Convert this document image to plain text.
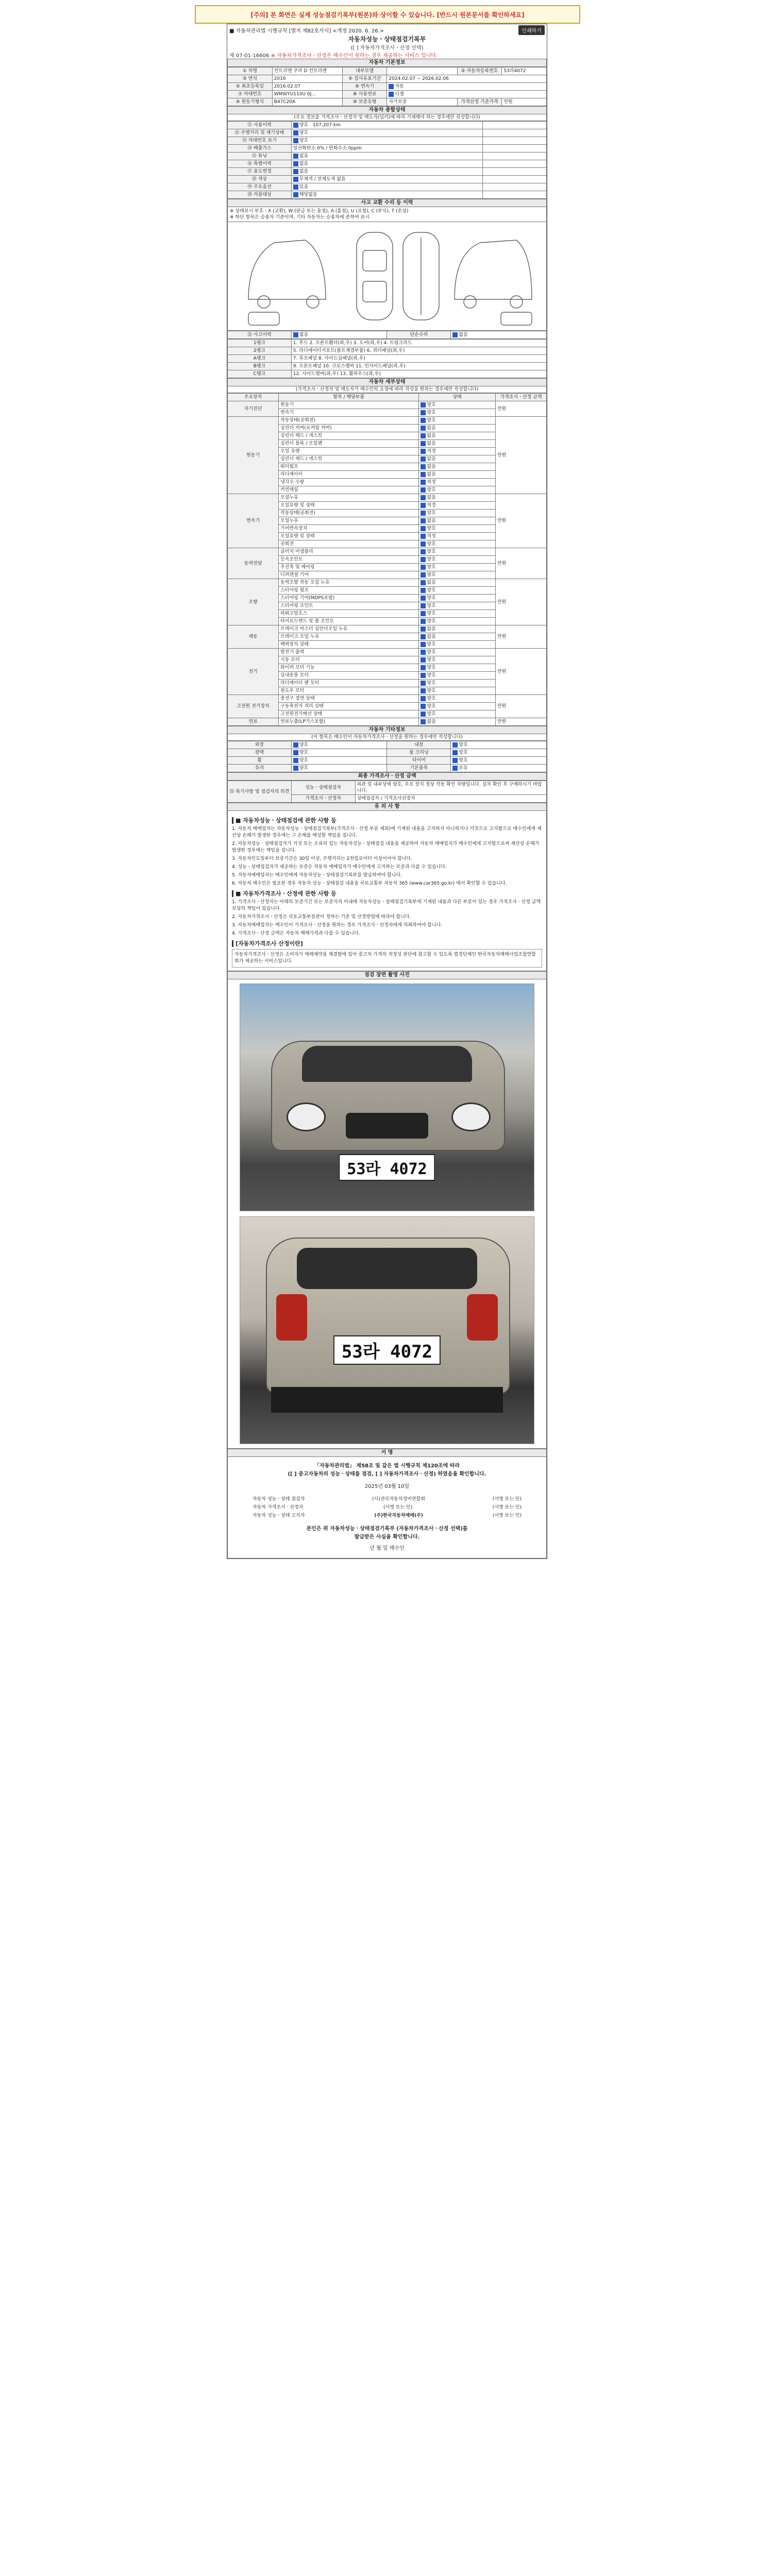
[주의] 본 화면은 실제 성능점검기록부(원본)와 상이할 수 있습니다. [반드시 원본문서를 확인하세요]
■ 자동차관리법 시행규칙 [별지 제82호서식] <개정 2020. 6. 26.>	인쇄하기
자동차성능ㆍ상태점검기록부
([ ] 자동차가격조사ㆍ산정 선택)
제 07-01-16606 ※ 자동차가격조사ㆍ산정은 매수인이 원하는 경우 제공하는 서비스 입니다.
자동차 기본정보
① 차명	컨트리맨 쿠퍼 D 컨트리맨	내부모델		② 자동차등록번호	53라4072
③ 연식	2016	④ 검사유효기간	2024.02.07 ~ 2026.02.06		
⑤ 최초등록일	2016.02.07	⑥ 변속기	자동		
⑦ 차대번호	WMWYU110U 0J...	⑧ 사용연료	디젤		
⑨ 원동기형식	B47C20A	⑩ 보증유형	자가보증	가격산정 기준가격	만원
자동차 종합상태
(주요 정보를 가격조사ㆍ산정자 및 매도자(딜러)에 따라 기재해야 하는 경우에만 작성합니다)
⑪ 사용이력	양호 107,207 km	
⑫ 주행거리 및 계기상태	양호	
⑬ 차대번호 표기	양호	
⑭ 배출가스	일산화탄소 0% / 탄화수소 0ppm	
⑮ 튜닝	없음	
⑯ 특별이력	없음	
⑰ 용도변경	없음	
⑱ 색상	무채색 / 전체도색 없음	
⑲ 주요옵션	있음	
⑳ 리콜대상	해당없음	
사고 교환 수리 등 이력
※ 상태표시 부호 : X (교환), W (판금 또는 용접), A (흠집), U (요철), C (부식), T (손상)
※ 하단 항목은 승용차 기준이며, 기타 자동차는 승용차에 준하여 표시
㉑ 사고이력	없음	단순수리	없음
1랭크	1. 후드 2. 프론트휀더(좌,우) 3. 도어(좌,우) 4. 트렁크리드
2랭크	5. 라디에이터서포트(볼트체결부품) 6. 쿼터패널(좌,우)
A랭크	7. 루프패널 8. 사이드실패널(좌,우)
B랭크	9. 프론트패널 10. 크로스멤버 11. 인사이드패널(좌,우)
C랭크	12. 사이드멤버(좌,우) 13. 휠하우스(좌,우)
자동차 세부상태
(가격조사ㆍ산정자 및 매도자가 매수인의 요청에 따라 작성을 원하는 경우에만 작성합니다)
주요장치	항목 / 해당부품	상태	가격조사ㆍ산정 금액
자기진단	원동기	양호	만원
	변속기	양호	
원동기	작동상태(공회전)	양호	만원
	실린더 커버(로커암 커버)	없음	
	실린더 헤드 / 개스킷	없음	
	실린더 블록 / 오일팬	없음	
	오일 유량	적정	
	실린더 헤드 / 개스킷	없음	
	워터펌프	없음	
	라디에이터	없음	
	냉각수 수량	적정	
	커먼레일	양호	
변속기	오일누유	없음	만원
	오일유량 및 상태	적정	
	작동상태(공회전)	양호	
	오일누유	없음	
	기어변속장치	양호	
	오일유량 및 상태	적정	
	공회전	양호	
동력전달	클러치 어셈블리	양호	만원
	등속조인트	양호	
	추진축 및 베어링	양호	
	디퍼렌셜 기어	양호	
조향	동력조향 작동 오일 누유	없음	만원
	스티어링 펌프	양호	
	스티어링 기어(MDPS포함)	양호	
	스티어링 조인트	양호	
	파워고압호스	양호	
	타이로드엔드 및 볼 조인트	양호	
제동	브레이크 마스터 실린더오일 누유	없음	만원
	브레이크 오일 누유	없음	
	배력장치 상태	양호	
전기	발전기 출력	양호	만원
	시동 모터	양호	
	와이퍼 모터 기능	양호	
	실내송풍 모터	양호	
	라디에이터 팬 모터	양호	
	윈도우 모터	양호	
고전원 전기장치	충전구 절연 상태	양호	만원
	구동축전지 격리 상태	양호	
	고전원전기배선 상태	양호	
연료	연료누출(LP가스포함)	없음	만원
자동차 기타정보
(이 항목은 매수인이 자동차가격조사ㆍ산정을 원하는 경우에만 작성합니다)
외장	양호	내장	양호
광택	양호	룸 크리닝	양호
휠	양호	타이어	양호
유리	양호	기본품목	보유
최종 가격조사ㆍ산정 금액
㉒ 특기사항 및 점검자의 의견	성능ㆍ상태점검자	외관 및 내부상태 양호, 주요 장치 정상 작동 확인 차량입니다. 실차 확인 후 구매하시기 바랍니다.
	가격조사ㆍ산정자	상태점검자 / 가격조사산정자
유 의 사 항
■ 자동차성능ㆍ상태점검에 관한 사항 등

1. 자동차 매매업자는 자동차성능ㆍ상태점검기록부(가격조사ㆍ산정 부분 제외)에 기재된 내용을 고지하지 아니하거나 거짓으로 고지함으로 매수인에게 재산상 손해가 발생한 경우에는 그 손해를 배상할 책임을 집니다.

2. 자동차성능ㆍ상태점검자가 거짓 또는 오류의 있는 자동차성능ㆍ상태점검 내용을 제공하여 자동차 매매업자가 매수인에게 고지함으로써 재산상 손해가 발생한 경우에는 책임을 집니다.

3. 자동차인도일부터 보증기간은 30일 이상, 주행거리는 2천킬로미터 이상이어야 합니다.

4. 성능ㆍ상태점검자가 제공하는 보증은 자동차 매매업자가 매수인에게 고지하는 보증과 다를 수 있습니다.

5. 자동차매매업자는 매수인에게 자동차성능ㆍ상태점검기록부를 발급하여야 합니다.

6. 자동차 매수인은 필요한 경우 자동차 성능ㆍ상태점검 내용을 국토교통부 자동차 365 (www.car365.go.kr) 에서 확인할 수 있습니다.

■ 자동차가격조사ㆍ산정에 관한 사항 등

1. 가격조사ㆍ산정자는 아래의 보증기간 또는 보증거리 이내에 자동차성능ㆍ상태점검기록부에 기재된 내용과 다른 부분이 있는 경우 가격조사ㆍ산정 금액 보상의 책임이 있습니다.

2. 자동차가격조사ㆍ산정은 국토교통부장관이 정하는 기준 및 산정방법에 따라야 합니다.

3. 자동차매매업자는 매수인이 가격조사ㆍ산정을 원하는 경우 가격조사ㆍ산정자에게 의뢰하여야 합니다.

4. 가격조사ㆍ산정 금액은 자동차 매매가격과 다를 수 있습니다.

[자동차가격조사 산정이란]
자동차가격조사ㆍ산정은 소비자가 매매계약을 체결함에 있어 중고차 가격의 적정성 판단에 참고할 수 있도록 법정단체인 한국자동차매매사업조합연합회가 제공하는 서비스입니다.
점검 장면 촬영 사진
53라 4072
53라 4072
서 명
「자동차관리법」 제58조 및 같은 법 시행규칙 제120조에 따라
([ ] 중고자동차의 성능ㆍ상태를 점검, [ ] 자동차가격조사ㆍ산정) 하였음을 확인합니다.
2025년 03월 10일
자동차 성능ㆍ상태 점검자	(사)전국자동차정비연합회	(서명 또는 인)
자동차 가격조사ㆍ산정자	(서명 또는 인)	(서명 또는 인)
자동차 성능ㆍ상태 고지자	(주)한국자동차매매(주)	(서명 또는 인)
본인은 위 자동차성능ㆍ상태점검기록부 (자동차가격조사ㆍ산정 선택)를
발급받은 사실을 확인합니다.
년 월 일 매수인
